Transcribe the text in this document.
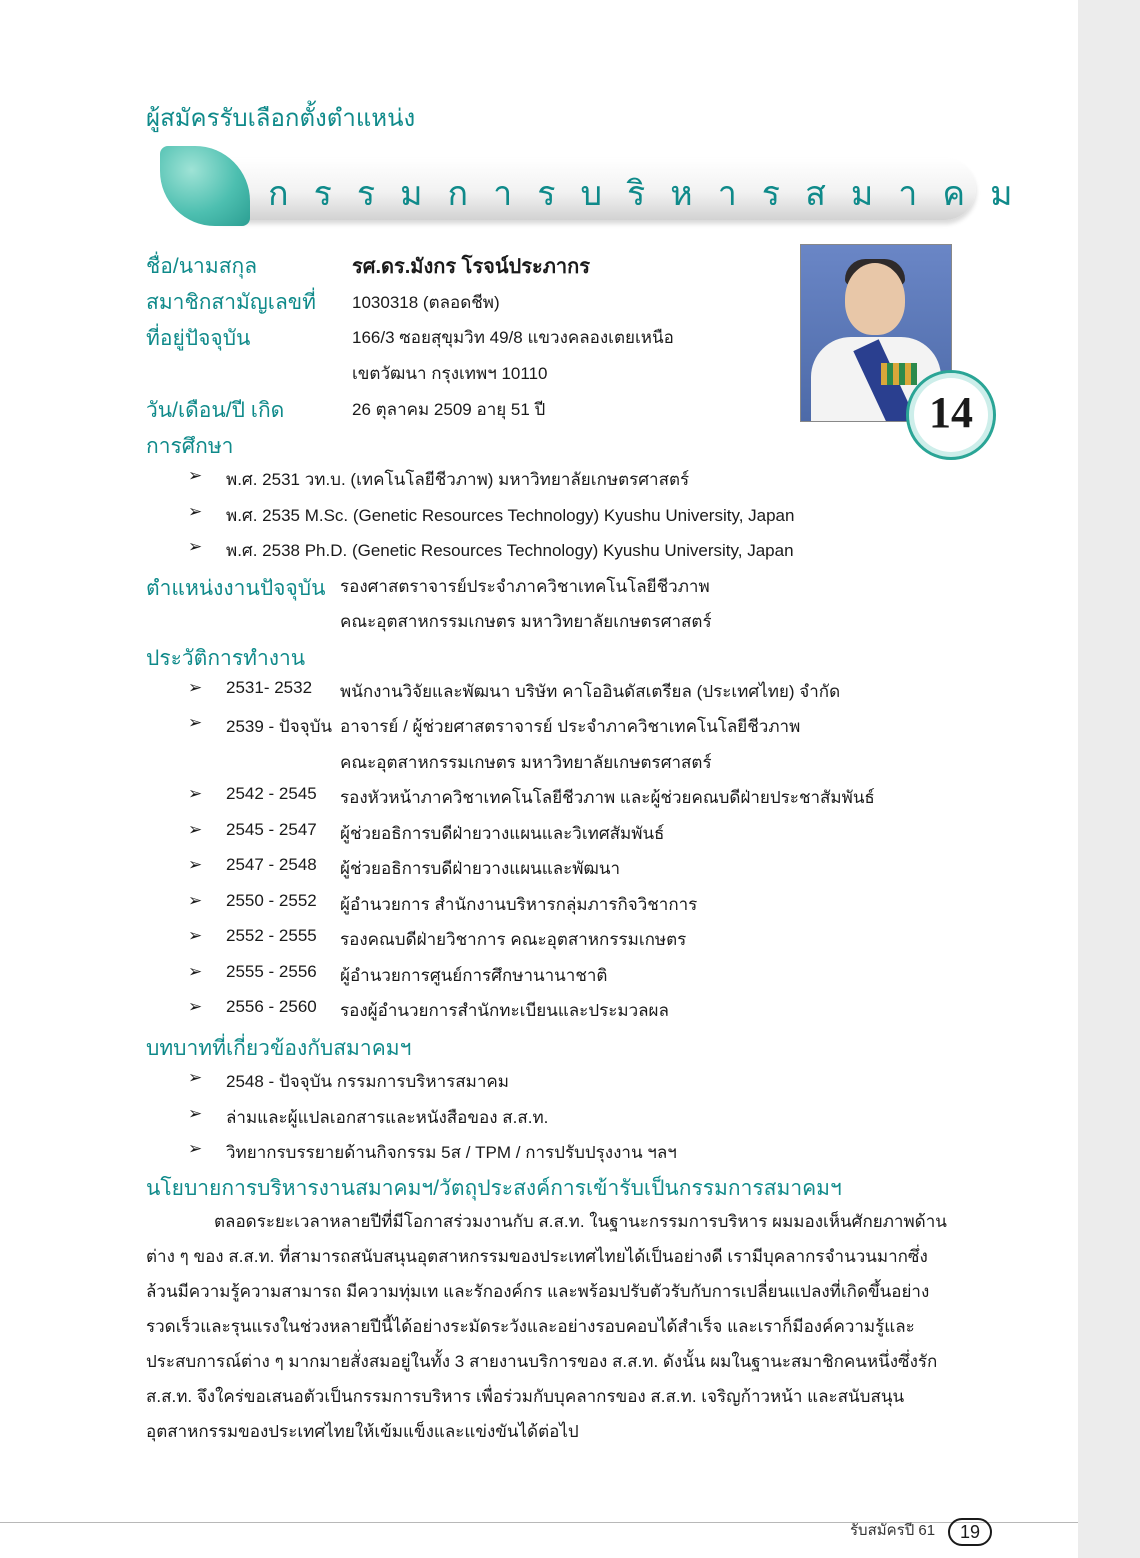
ผู้สมัครรับเลือกตั้งตำแหน่ง
กรรมการบริหารสมาคม
ชื่อ/นามสกุล	รศ.ดร.มังกร โรจน์ประภากร
สมาชิกสามัญเลขที่ 1030318 (ตลอดชีพ)
ที่อยู่ปัจจุบัน	166/3 ซอยสุขุมวิท 49/8 แขวงคลองเตยเหนือ
เขตวัฒนา กรุงเทพฯ 10110
วัน/เดือน/ปี เกิด	26 ตุลาคม 2509 อายุ 51 ปี	14
การศึกษา
➢ พ.ศ. 2531 วท.บ. (เทคโนโลยีชีวภาพ) มหาวิทยาลัยเกษตรศาสตร์
➢ พ.ศ. 2535 M.Sc. (Genetic Resources Technology) Kyushu University, Japan
➢ พ.ศ. 2538 Ph.D. (Genetic Resources Technology) Kyushu University, Japan
ตำแหน่งงานปัจจุบัน รองศาสตราจารย์ประจำภาควิชาเทคโนโลยีชีวภาพ
คณะอุตสาหกรรมเกษตร มหาวิทยาลัยเกษตรศาสตร์
ประวัติการทำงาน
➢ 2531- 2532 พนักงานวิจัยและพัฒนา บริษัท คาโออินดัสเตรียล (ประเทศไทย) จำกัด
➢ 2539 - ปัจจุบัน อาจารย์ / ผู้ช่วยศาสตราจารย์ ประจำภาควิชาเทคโนโลยีชีวภาพ
คณะอุตสาหกรรมเกษตร มหาวิทยาลัยเกษตรศาสตร์
➢ 2542 - 2545 รองหัวหน้าภาควิชาเทคโนโลยีชีวภาพ และผู้ช่วยคณบดีฝ่ายประชาสัมพันธ์
➢ 2545 - 2547 ผู้ช่วยอธิการบดีฝ่ายวางแผนและวิเทศสัมพันธ์
➢ 2547 - 2548 ผู้ช่วยอธิการบดีฝ่ายวางแผนและพัฒนา
➢ 2550 - 2552 ผู้อำนวยการ สำนักงานบริหารกลุ่มภารกิจวิชาการ
➢ 2552 - 2555 รองคณบดีฝ่ายวิชาการ คณะอุตสาหกรรมเกษตร
➢ 2555 - 2556 ผู้อำนวยการศูนย์การศึกษานานาชาติ
➢ 2556 - 2560 รองผู้อำนวยการสำนักทะเบียนและประมวลผล
บทบาทที่เกี่ยวข้องกับสมาคมฯ
➢ 2548 - ปัจจุบัน กรรมการบริหารสมาคม
➢ ล่ามและผู้แปลเอกสารและหนังสือของ ส.ส.ท.
➢ วิทยากรบรรยายด้านกิจกรรม 5ส / TPM / การปรับปรุงงาน ฯลฯ
นโยบายการบริหารงานสมาคมฯ/วัตถุประสงค์การเข้ารับเป็นกรรมการสมาคมฯ

ตลอดระยะเวลาหลายปีที่มีโอกาสร่วมงานกับ ส.ส.ท. ในฐานะกรรมการบริหาร ผมมองเห็นศักยภาพด้าน

ต่าง ๆ ของ ส.ส.ท. ที่สามารถสนับสนุนอุตสาหกรรมของประเทศไทยได้เป็นอย่างดี เรามีบุคลากรจำนวนมากซึ่ง

ล้วนมีความรู้ความสามารถ มีความทุ่มเท และรักองค์กร และพร้อมปรับตัวรับกับการเปลี่ยนแปลงที่เกิดขึ้นอย่าง

รวดเร็วและรุนแรงในช่วงหลายปีนี้ได้อย่างระมัดระวังและอย่างรอบคอบได้สำเร็จ และเราก็มีองค์ความรู้และ

ประสบการณ์ต่าง ๆ มากมายสั่งสมอยู่ในทั้ง 3 สายงานบริการของ ส.ส.ท. ดังนั้น ผมในฐานะสมาชิกคนหนึ่งซึ่งรัก

ส.ส.ท. จึงใคร่ขอเสนอตัวเป็นกรรมการบริหาร เพื่อร่วมกับบุคลากรของ ส.ส.ท. เจริญก้าวหน้า และสนับสนุน

อุตสาหกรรมของประเทศไทยให้เข้มแข็งและแข่งขันได้ต่อไป

รับสมัครปี 61	19
